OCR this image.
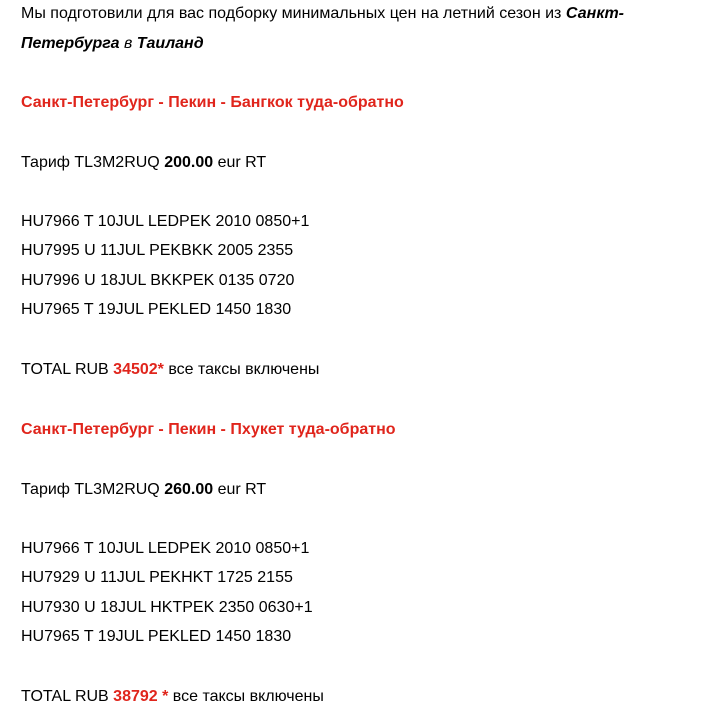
Мы подготовили для вас подборку минимальных цен на летний сезон из Санкт-
Петербурга в Таиланд
Санкт-Петербург - Пекин - Бангкок туда-обратно
Тариф TL3M2RUQ 200.00 eur RT
HU7966 T 10JUL LEDPEK 2010 0850+1
HU7995 U 11JUL PEKBKK 2005 2355
HU7996 U 18JUL BKKPEK 0135 0720
HU7965 T 19JUL PEKLED 1450 1830
TOTAL RUB 34502* все таксы включены
Санкт-Петербург - Пекин - Пхукет туда-обратно
Тариф TL3M2RUQ 260.00 eur RT
HU7966 T 10JUL LEDPEK 2010 0850+1
HU7929 U 11JUL PEKHKT 1725 2155
HU7930 U 18JUL HKTPEK 2350 0630+1
HU7965 T 19JUL PEKLED 1450 1830
TOTAL RUB 38792 * все таксы включены
